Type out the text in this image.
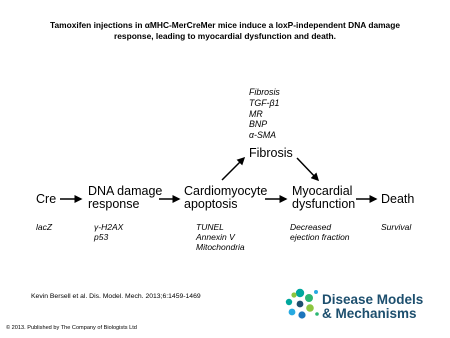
Tamoxifen injections in αMHC-MerCreMer mice induce a loxP-independent DNA damage
response, leading to myocardial dysfunction and death.
Fibrosis
TGF-β1
MR
BNP
α-SMA
Fibrosis
Cre
DNA damage
response
Cardiomyocyte
apoptosis
Myocardial
dysfunction Death
lacZ	γ-H2AX
p53
TUNEL
Annexin V
Mitochondria
Decreased
ejection fraction
Survival
Kevin Bersell et al. Dis. Model. Mech. 2013;6:1459-1469	Disease Models
& Mechanisms
© 2013. Published by The Company of Biologists Ltd
